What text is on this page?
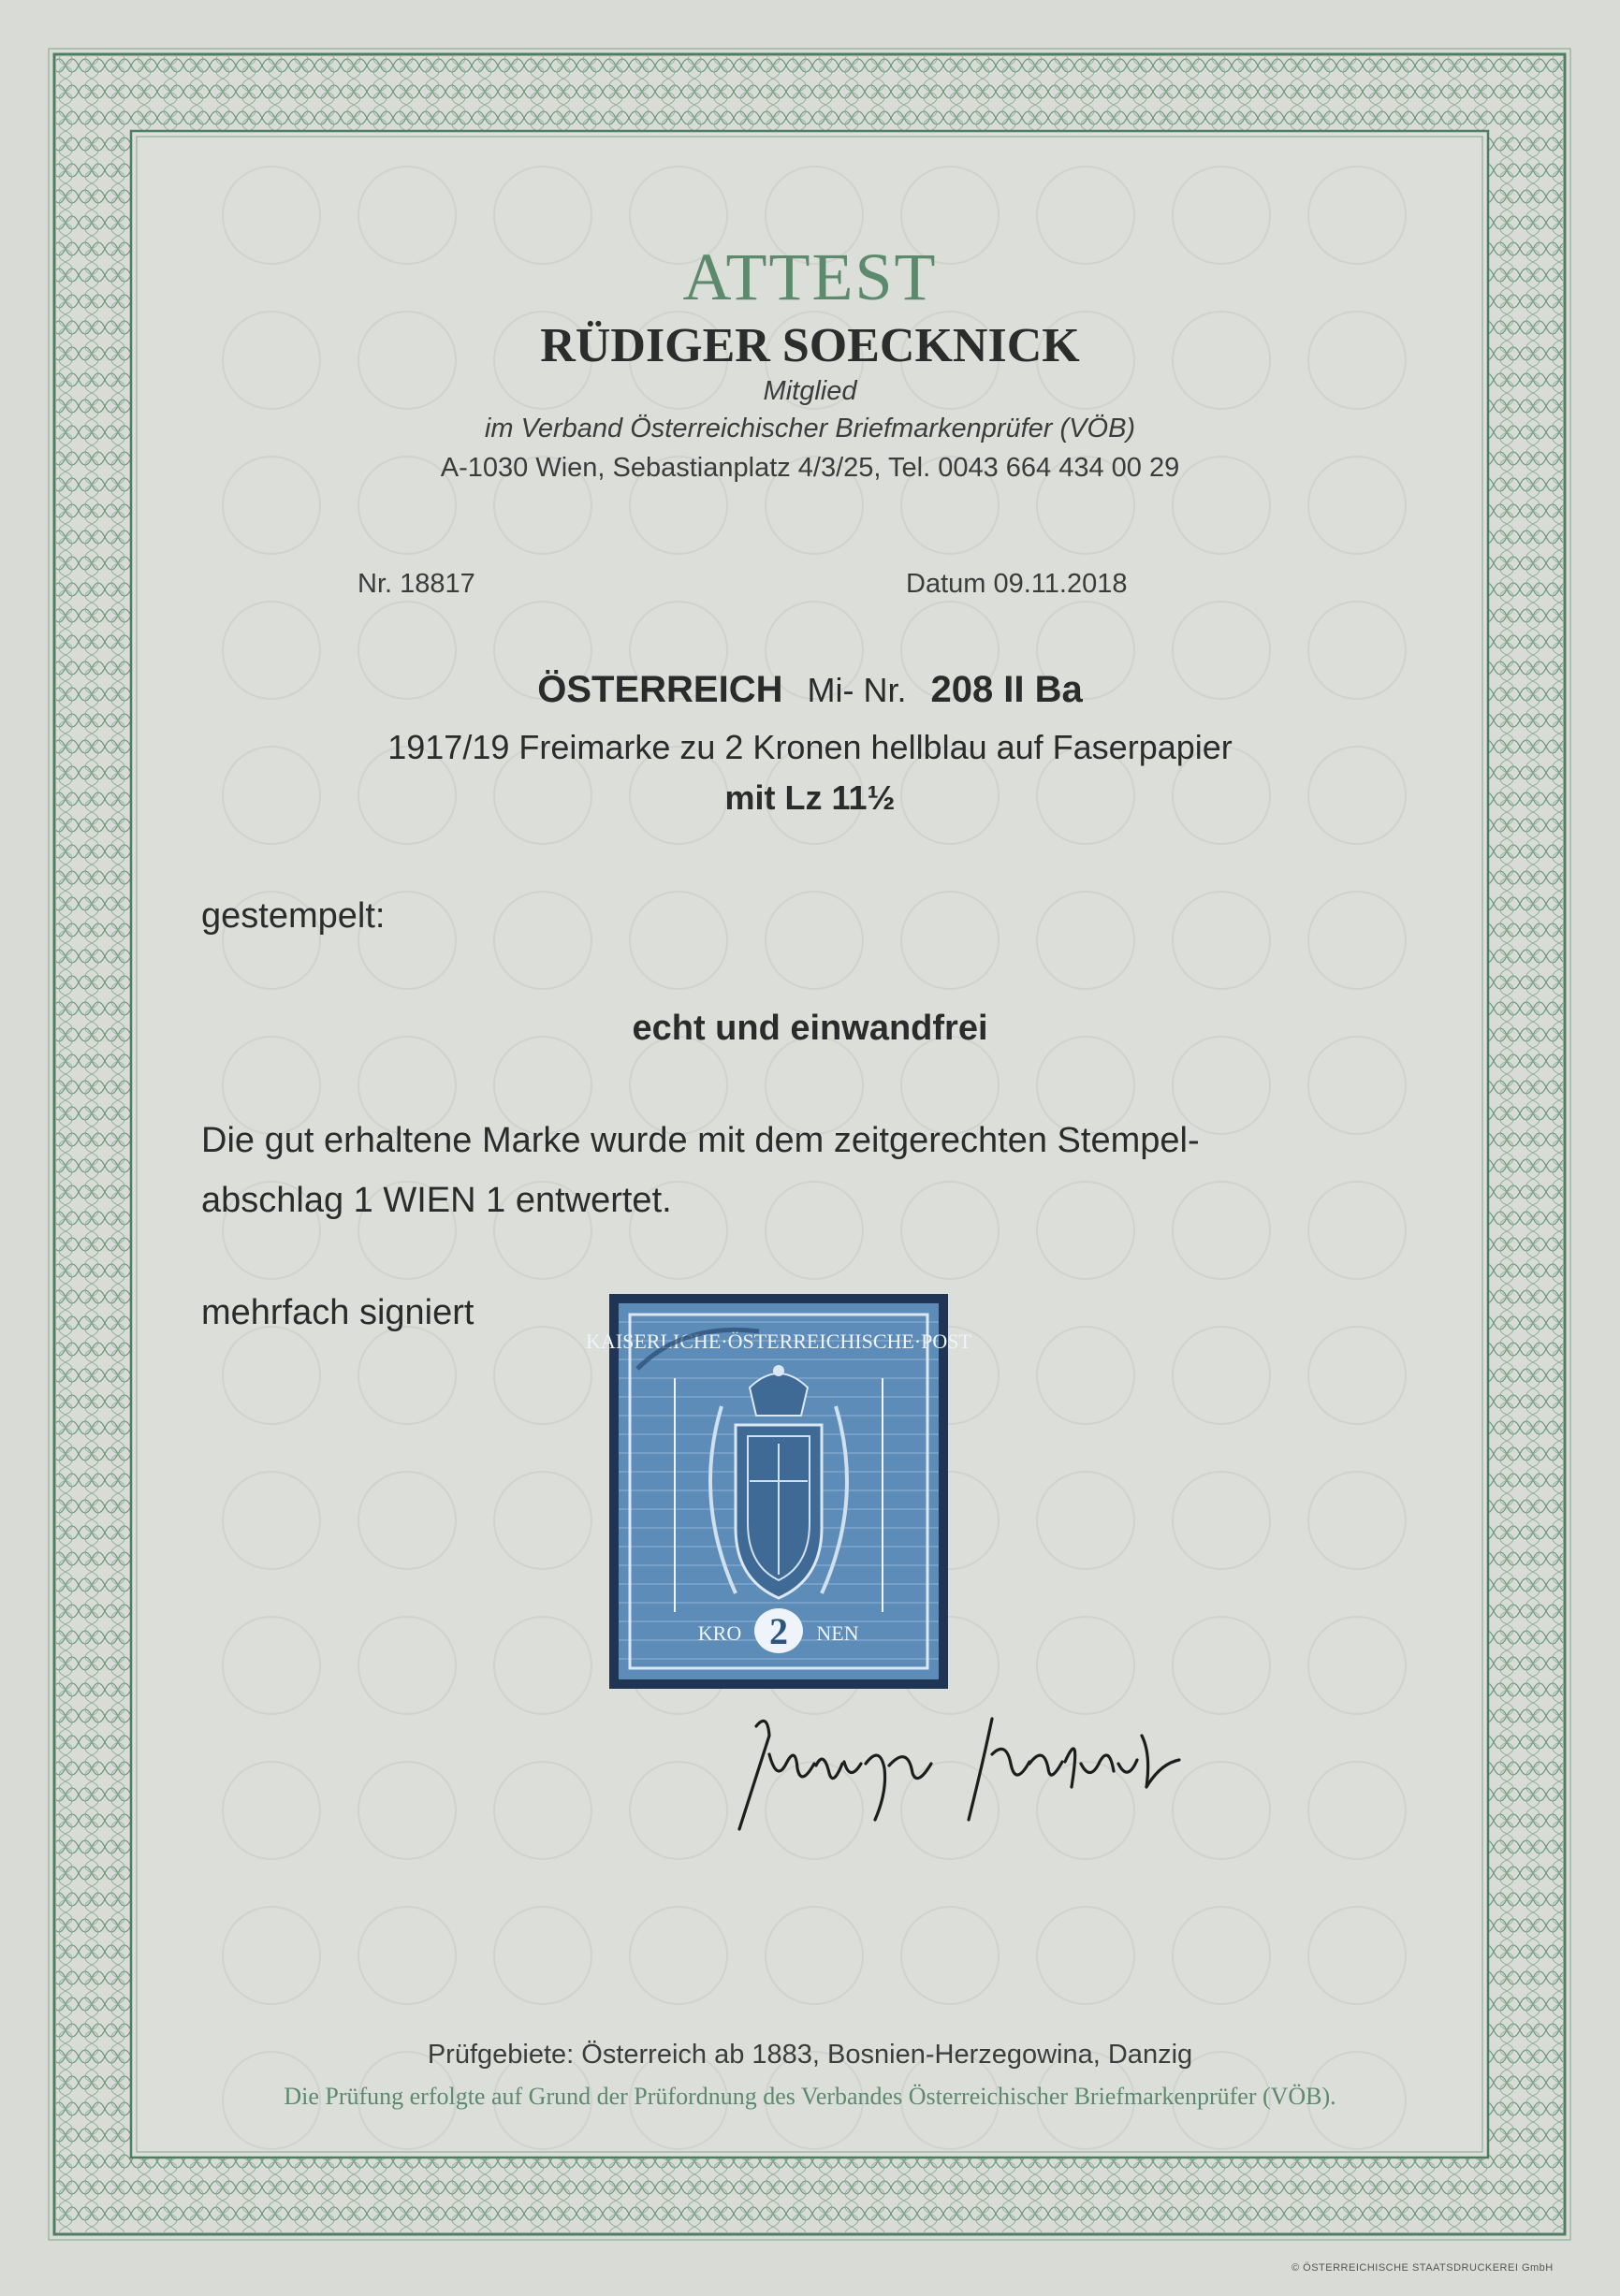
ATTEST
RÜDIGER SOECKNICK
Mitglied
im Verband Österreichischer Briefmarkenprüfer (VÖB)
A-1030 Wien, Sebastianplatz 4/3/25, Tel. 0043 664 434 00 29
Nr. 18817	Datum 09.11.2018
ÖSTERREICH Mi- Nr. 208 II Ba
1917/19 Freimarke zu 2 Kronen hellblau auf Faserpapier
mit Lz 11½
gestempelt:
echt und einwandfrei
Die gut erhaltene Marke wurde mit dem zeitgerechten Stempel-
abschlag 1 WIEN 1 entwertet.
mehrfach signiert
KAISERLICHE·ÖSTERREICHISCHE·POST
2
KRO	NEN
Prüfgebiete: Österreich ab 1883, Bosnien-Herzegowina, Danzig
Die Prüfung erfolgte auf Grund der Prüfordnung des Verbandes Österreichischer Briefmarkenprüfer (VÖB).
© ÖSTERREICHISCHE STAATSDRUCKEREI GmbH
